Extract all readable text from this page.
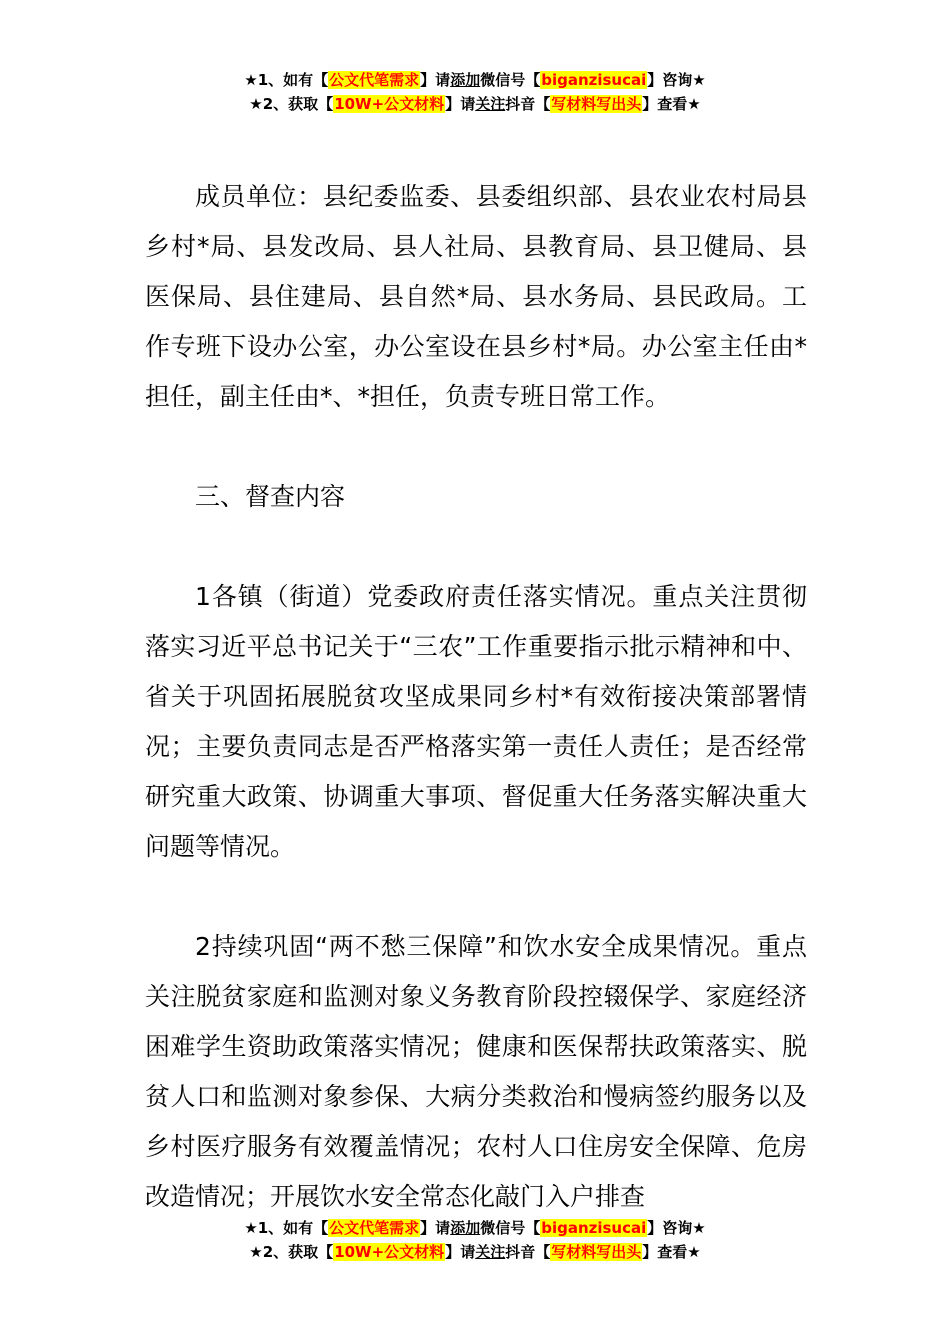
★1、如有【公文代笔需求】请添加微信号【biganzisucai】咨询★
★2、获取【10W+公文材料】请关注抖音【写材料写出头】查看★

成员单位：县纪委监委、县委组织部、县农业农村局县乡村*局、县发改局、县人社局、县教育局、县卫健局、县医保局、县住建局、县自然*局、县水务局、县民政局。工作专班下设办公室，办公室设在县乡村*局。办公室主任由*担任，副主任由*、*担任，负责专班日常工作。

三、督查内容

1各镇（街道）党委政府责任落实情况。重点关注贯彻落实习近平总书记关于“三农”工作重要指示批示精神和中、省关于巩固拓展脱贫攻坚成果同乡村*有效衔接决策部署情况；主要负责同志是否严格落实第一责任人责任；是否经常研究重大政策、协调重大事项、督促重大任务落实解决重大问题等情况。

2持续巩固“两不愁三保障”和饮水安全成果情况。重点关注脱贫家庭和监测对象义务教育阶段控辍保学、家庭经济困难学生资助政策落实情况；健康和医保帮扶政策落实、脱贫人口和监测对象参保、大病分类救治和慢病签约服务以及乡村医疗服务有效覆盖情况；农村人口住房安全保障、危房改造情况；开展饮水安全常态化敲门入户排查

★1、如有【公文代笔需求】请添加微信号【biganzisucai】咨询★
★2、获取【10W+公文材料】请关注抖音【写材料写出头】查看★
